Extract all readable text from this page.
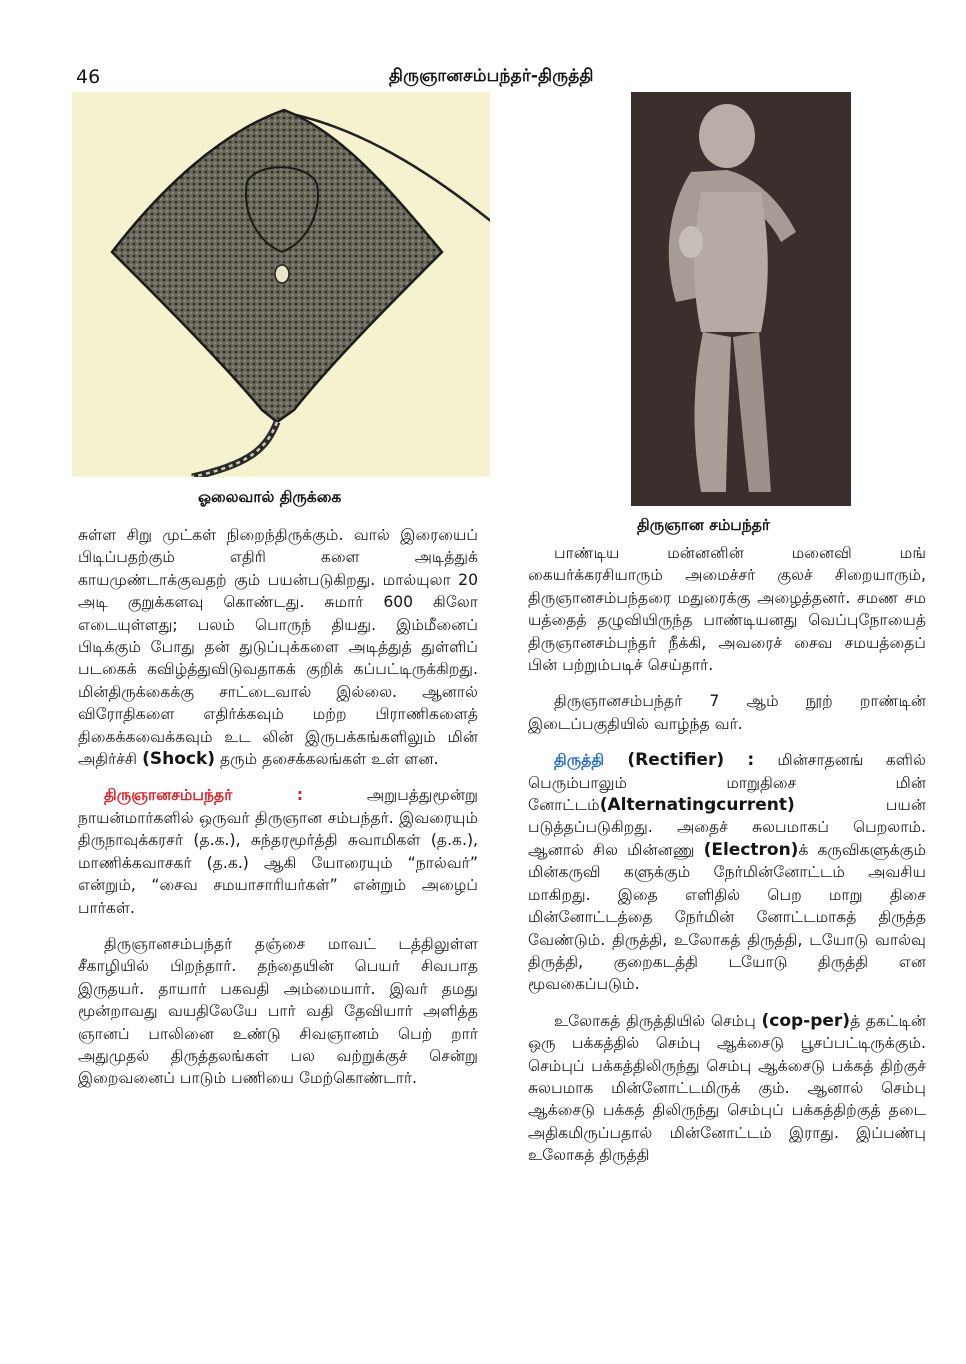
46	திருஞானசம்பந்தர்-திருத்தி
ஓலைவால் திருக்கை
திருஞான சம்பந்தர்

சுள்ள சிறு முட்கள் நிறைந்திருக்கும். வால் இரையைப் பிடிப்பதற்கும் எதிரி களை அடித்துக் காயமுண்டாக்குவதற் கும் பயன்படுகிறது. மால்யுலா 20 அடி குறுக்களவு கொண்டது. சுமார் 600 கிலோ எடையுள்ளது; பலம் பொருந் தியது. இம்மீனைப் பிடிக்கும் போது தன் துடுப்புக்களை அடித்துத் துள்ளிப் படகைக் கவிழ்த்துவிடுவதாகக் குறிக் கப்பட்டிருக்கிறது. மின்திருக்கைக்கு சாட்டைவால் இல்லை. ஆனால் விரோதிகளை எதிர்க்கவும் மற்ற பிராணிகளைத் திகைக்கவைக்கவும் உட லின் இருபக்கங்களிலும் மின் அதிர்ச்சி (Shock) தரும் தசைக்கலங்கள் உள் ளன.

திருஞானசம்பந்தர் : அறுபத்துமூன்று நாயன்மார்களில் ஒருவர் திருஞான சம்பந்தர். இவரையும் திருநாவுக்கரசர் (த.க.), சுந்தரமூர்த்தி சுவாமிகள் (த.க.), மாணிக்கவாசகர் (த.க.) ஆகி யோரையும் “நால்வர்” என்றும், “சைவ சமயாசாரியர்கள்” என்றும் அழைப் பார்கள்.

திருஞானசம்பந்தர் தஞ்சை மாவட் டத்திலுள்ள சீகாழியில் பிறந்தார். தந்தையின் பெயர் சிவபாத இருதயர். தாயார் பகவதி அம்மையார். இவர் தமது மூன்றாவது வயதிலேயே பார் வதி தேவியார் அளித்த ஞானப் பாலினை உண்டு சிவஞானம் பெற் றார் அதுமுதல் திருத்தலங்கள் பல வற்றுக்குச் சென்று இறைவனைப் பாடும் பணியை மேற்கொண்டார்.

பாண்டிய மன்னனின் மனைவி மங் கையர்க்கரசியாரும் அமைச்சர் குலச் சிறையாரும், திருஞானசம்பந்தரை மதுரைக்கு அழைத்தனர். சமண சம யத்தைத் தழுவியிருந்த பாண்டியனது வெப்புநோயைத் திருஞானசம்பந்தர் நீக்கி, அவரைச் சைவ சமயத்தைப் பின் பற்றும்படிச் செய்தார்.

திருஞானசம்பந்தர் 7 ஆம் நூற் றாண்டின் இடைப்பகுதியில் வாழ்ந்த வர்.

திருத்தி (Rectifier) : மின்சாதனங் களில் பெரும்பாலும் மாறுதிசை மின் னோட்டம்(Alternatingcurrent) பயன் படுத்தப்படுகிறது. அதைச் சுலபமாகப் பெறலாம். ஆனால் சில மின்னணு (Electron)க் கருவிகளுக்கும் மின்கருவி களுக்கும் நேர்மின்னோட்டம் அவசிய மாகிறது. இதை எளிதில் பெற மாறு திசை மின்னோட்டத்தை நேர்மின் னோட்டமாகத் திருத்த வேண்டும். திருத்தி, உலோகத் திருத்தி, டயோடு வால்வு திருத்தி, குறைகடத்தி டயோடு திருத்தி என மூவகைப்படும்.

உலோகத் திருத்தியில் செம்பு (cop-per)த் தகட்டின் ஒரு பக்கத்தில் செம்பு ஆக்சைடு பூசப்பட்டிருக்கும். செம்புப் பக்கத்திலிருந்து செம்பு ஆக்சைடு பக்கத் திற்குச் சுலபமாக மின்னோட்டமிருக் கும். ஆனால் செம்பு ஆக்சைடு பக்கத் திலிருந்து செம்புப் பக்கத்திற்குத் தடை அதிகமிருப்பதால் மின்னோட்டம் இராது. இப்பண்பு உலோகத் திருத்தி
